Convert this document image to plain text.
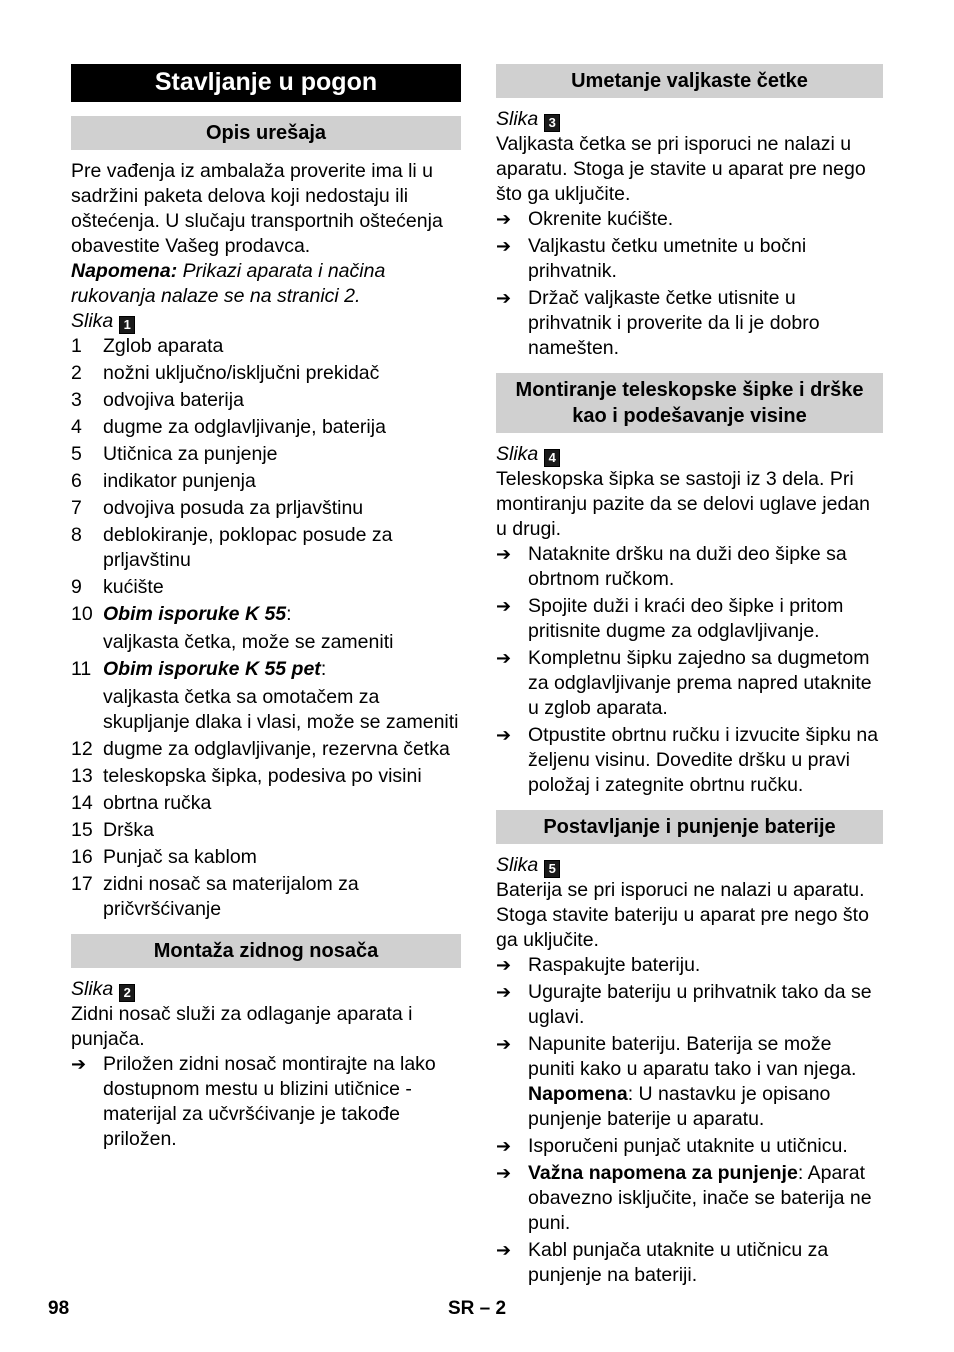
Stavljanje u pogon
Opis urešaja

Pre vađenja iz ambalaža proverite ima li u sadržini paketa delova koji nedostaju ili oštećenja. U slučaju transportnih oštećenja obavestite Vašeg prodavca.

Napomena: Prikazi aparata i načina rukovanja nalaze se na stranici 2.

Slika 1

1 Zglob aparata
2 nožni uključno/isključni prekidač
3 odvojiva baterija
4 dugme za odglavljivanje, baterija
5 Utičnica za punjenje
6 indikator punjenja
7 odvojiva posuda za prljavštinu
8 deblokiranje, poklopac posude za prljavštinu
9 kućište
10 Obim isporuke K 55:
valjkasta četka, može se zameniti
11 Obim isporuke K 55 pet:
valjkasta četka sa omotačem za skupljanje dlaka i vlasi, može se zameniti
12 dugme za odglavljivanje, rezervna četka
13 teleskopska šipka, podesiva po visini
14 obrtna ručka
15 Drška
16 Punjač sa kablom
17 zidni nosač sa materijalom za pričvršćivanje
Montaža zidnog nosača

Slika 2

Zidni nosač služi za odlaganje aparata i punjača.

➔ Priložen zidni nosač montirajte na lako dostupnom mestu u blizini utičnice - materijal za učvršćivanje je takođe priložen.
Umetanje valjkaste četke

Slika 3

Valjkasta četka se pri isporuci ne nalazi u aparatu. Stoga je stavite u aparat pre nego što ga uključite.

➔ Okrenite kućište.
➔ Valjkastu četku umetnite u bočni prihvatnik.
➔ Držač valjkaste četke utisnite u prihvatnik i proverite da li je dobro namešten.
Montiranje teleskopske šipke i drške kao i podešavanje visine

Slika 4

Teleskopska šipka se sastoji iz 3 dela. Pri montiranju pazite da se delovi uglave jedan u drugi.

➔ Nataknite dršku na duži deo šipke sa obrtnom ručkom.
➔ Spojite duži i kraći deo šipke i pritom pritisnite dugme za odglavljivanje.
➔ Kompletnu šipku zajedno sa dugmetom za odglavljivanje prema napred utaknite u zglob aparata.
➔ Otpustite obrtnu ručku i izvucite šipku na željenu visinu. Dovedite dršku u pravi položaj i zategnite obrtnu ručku.
Postavljanje i punjenje baterije

Slika 5

Baterija se pri isporuci ne nalazi u aparatu. Stoga stavite bateriju u aparat pre nego što ga uključite.

➔ Raspakujte bateriju.
➔ Ugurajte bateriju u prihvatnik tako da se uglavi.
➔ Napunite bateriju. Baterija se može puniti kako u aparatu tako i van njega.
Napomena: U nastavku je opisano punjenje baterije u aparatu.
➔ Isporučeni punjač utaknite u utičnicu.
➔ Važna napomena za punjenje: Aparat obavezno isključite, inače se baterija ne puni.
➔ Kabl punjača utaknite u utičnicu za punjenje na bateriji.
98	SR – 2
